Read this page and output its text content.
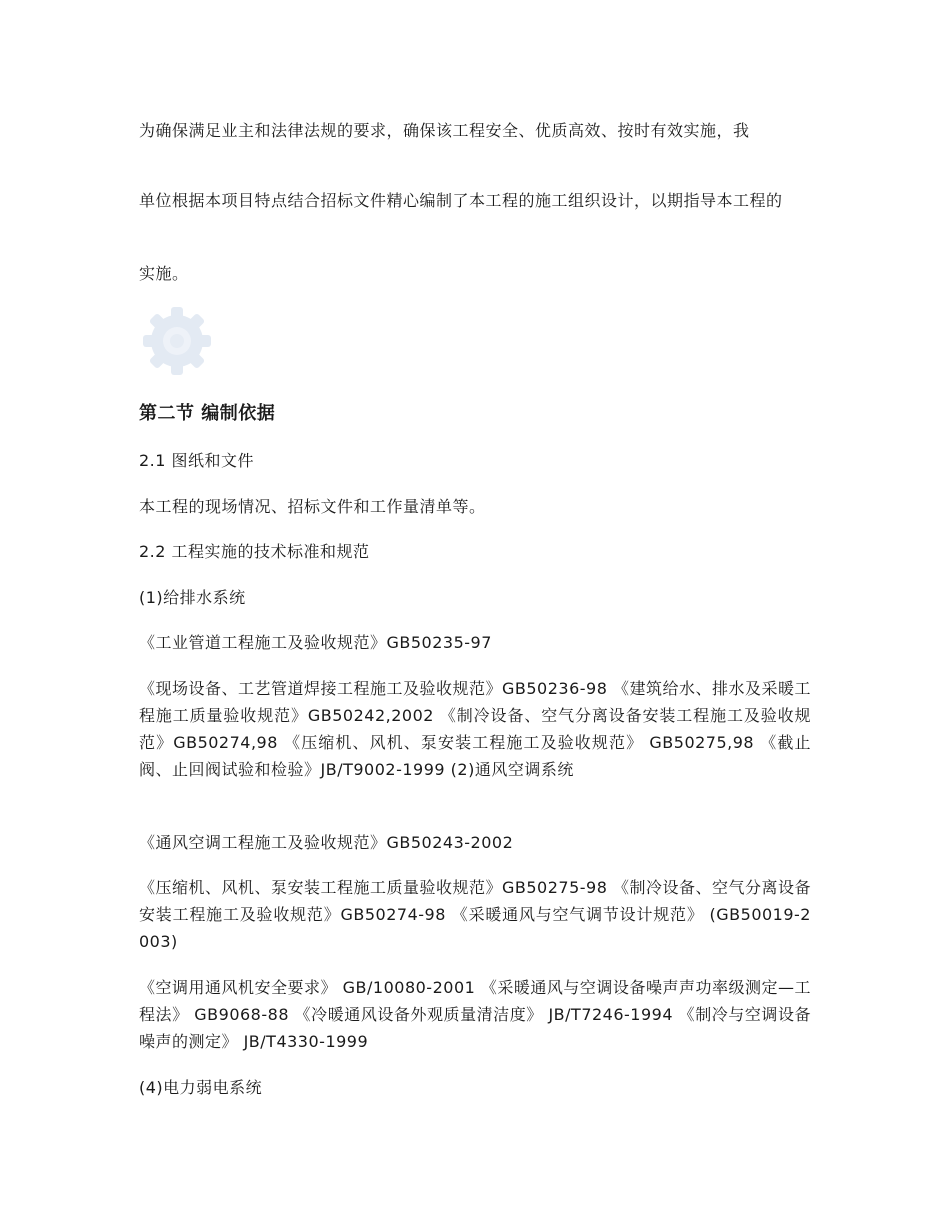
为确保满足业主和法律法规的要求，确保该工程安全、优质高效、按时有效实施，我

单位根据本项目特点结合招标文件精心编制了本工程的施工组织设计，以期指导本工程的

实施。

第二节 编制依据

2.1 图纸和文件

本工程的现场情况、招标文件和工作量清单等。

2.2 工程实施的技术标准和规范

(1)给排水系统

《工业管道工程施工及验收规范》GB50235-97

《现场设备、工艺管道焊接工程施工及验收规范》GB50236-98 《建筑给水、排水及采暖工程施工质量验收规范》GB50242,2002 《制冷设备、空气分离设备安装工程施工及验收规范》GB50274,98 《压缩机、风机、泵安装工程施工及验收规范》 GB50275,98 《截止阀、止回阀试验和检验》JB/T9002-1999 (2)通风空调系统

《通风空调工程施工及验收规范》GB50243-2002

《压缩机、风机、泵安装工程施工质量验收规范》GB50275-98 《制冷设备、空气分离设备安装工程施工及验收规范》GB50274-98 《采暖通风与空气调节设计规范》 (GB50019-2003)

《空调用通风机安全要求》 GB/10080-2001 《采暖通风与空调设备噪声声功率级测定—工程法》 GB9068-88 《冷暖通风设备外观质量清洁度》 JB/T7246-1994 《制冷与空调设备噪声的测定》 JB/T4330-1999

(4)电力弱电系统
